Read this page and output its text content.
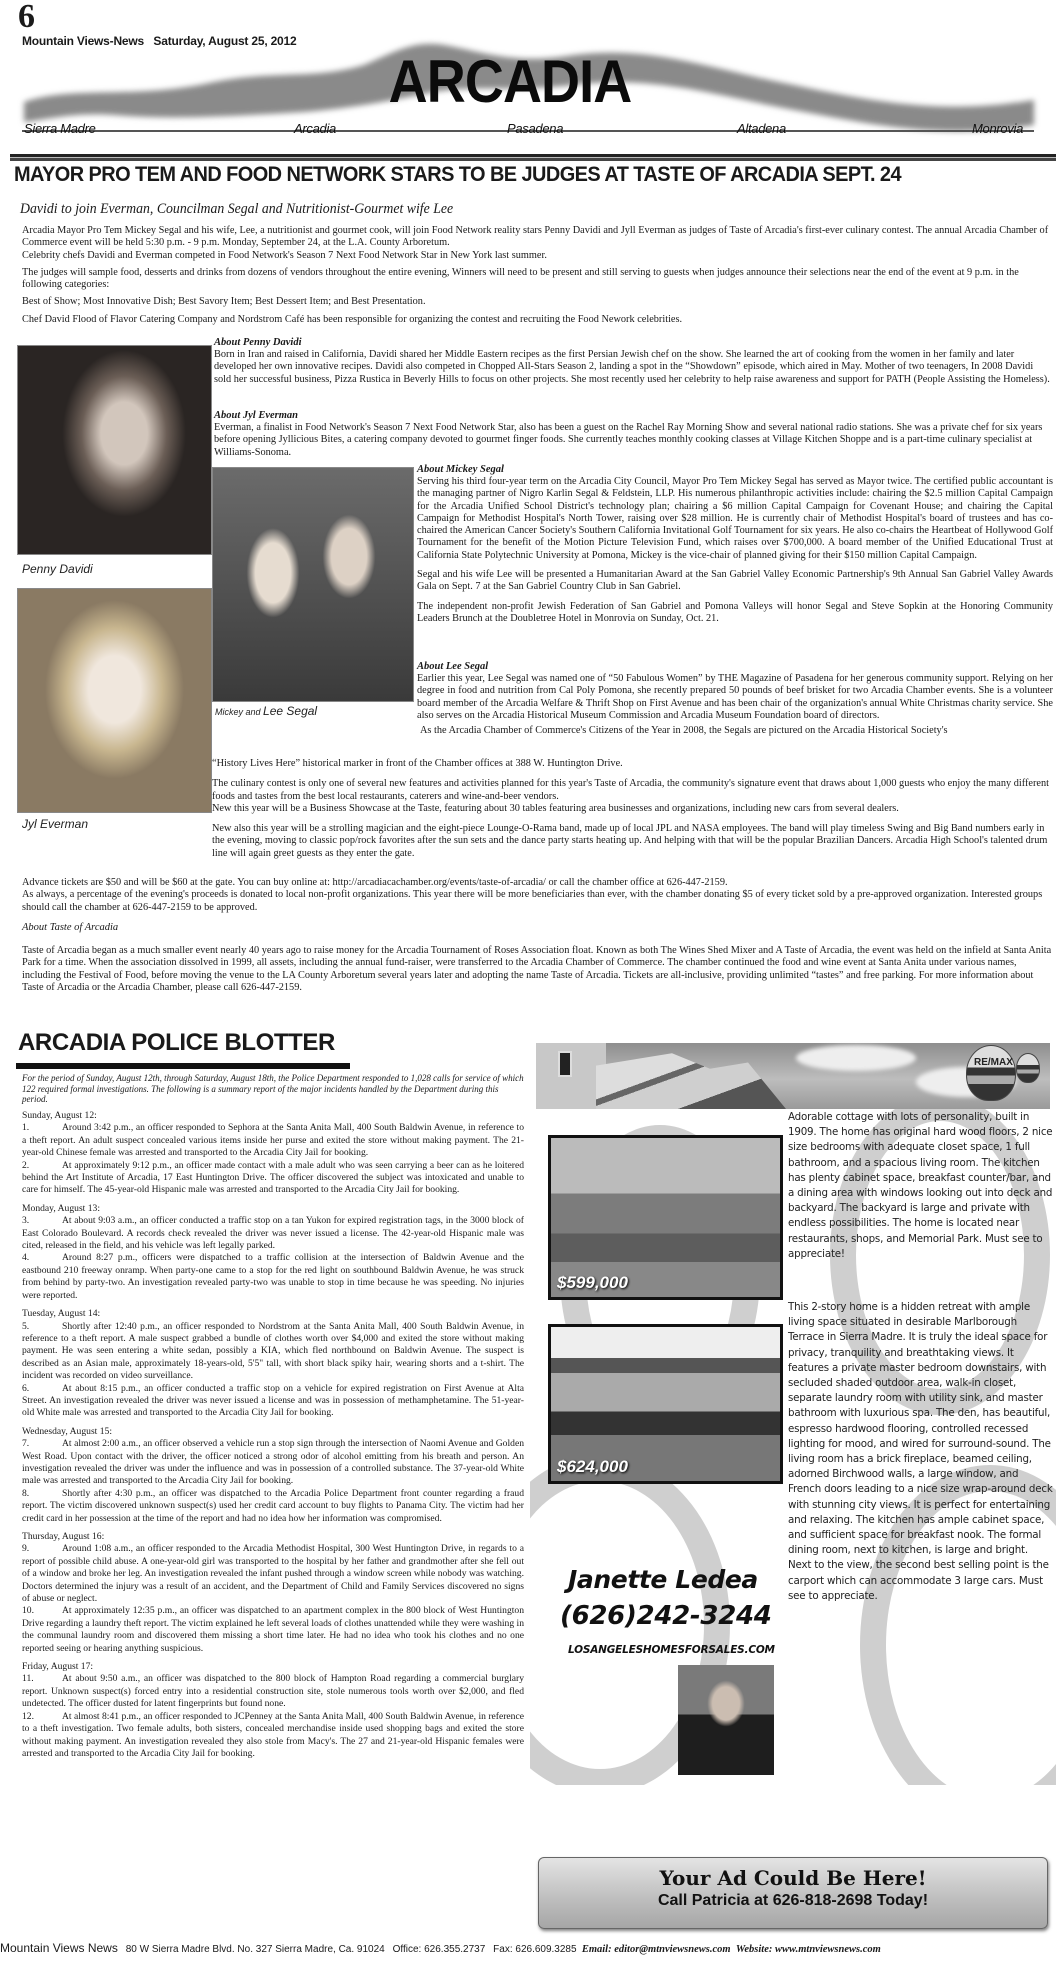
6
Mountain Views-News Saturday, August 25, 2012
ARCADIA
Sierra Madre	Arcadia	Pasadena	Altadena	Monrovia
MAYOR PRO TEM AND FOOD NETWORK STARS TO BE JUDGES AT TASTE OF ARCADIA SEPT. 24
Davidi to join Everman, Councilman Segal and Nutritionist-Gourmet wife Lee

Arcadia Mayor Pro Tem Mickey Segal and his wife, Lee, a nutritionist and gourmet cook, will join Food Network reality stars Penny Davidi and Jyll Everman as judges of Taste of Arcadia's first-ever culinary contest. The annual Arcadia Chamber of Commerce event will be held 5:30 p.m. - 9 p.m. Monday, September 24, at the L.A. County Arboretum.

Celebrity chefs Davidi and Everman competed in Food Network's Season 7 Next Food Network Star in New York last summer.

The judges will sample food, desserts and drinks from dozens of vendors throughout the entire evening, Winners will need to be present and still serving to guests when judges announce their selections near the end of the event at 9 p.m. in the following categories:

Best of Show; Most Innovative Dish; Best Savory Item; Best Dessert Item; and Best Presentation.

Chef David Flood of Flavor Catering Company and Nordstrom Café has been responsible for organizing the contest and recruiting the Food Nework celebrities.

Penny Davidi
Jyl Everman
Mickey and Lee Segal
About Penny Davidi
Born in Iran and raised in California, Davidi shared her Middle Eastern recipes as the first Persian Jewish chef on the show. She learned the art of cooking from the women in her family and later developed her own innovative recipes. Davidi also competed in Chopped All-Stars Season 2, landing a spot in the “Showdown” episode, which aired in May. Mother of two teenagers, In 2008 Davidi sold her successful business, Pizza Rustica in Beverly Hills to focus on other projects. She most recently used her celebrity to help raise awareness and support for PATH (People Assisting the Homeless).
About Jyl Everman
Everman, a finalist in Food Network's Season 7 Next Food Network Star, also has been a guest on the Rachel Ray Morning Show and several national radio stations. She was a private chef for six years before opening Jyllicious Bites, a catering company devoted to gourmet finger foods. She currently teaches monthly cooking classes at Village Kitchen Shoppe and is a part-time culinary specialist at Williams-Sonoma.
About Mickey Segal

Serving his third four-year term on the Arcadia City Council, Mayor Pro Tem Mickey Segal has served as Mayor twice. The certified public accountant is the managing partner of Nigro Karlin Segal & Feldstein, LLP. His numerous philanthropic activities include: chairing the $2.5 million Capital Campaign for the Arcadia Unified School District's technology plan; chairing a $6 million Capital Campaign for Covenant House; and chairing the Capital Campaign for Methodist Hospital's North Tower, raising over $28 million. He is currently chair of Methodist Hospital's board of trustees and has co-chaired the American Cancer Society's Southern California Invitational Golf Tournament for six years. He also co-chairs the Heartbeat of Hollywood Golf Tournament for the benefit of the Motion Picture Television Fund, which raises over $700,000. A board member of the Unified Educational Trust at California State Polytechnic University at Pomona, Mickey is the vice-chair of planned giving for their $150 million Capital Campaign.

Segal and his wife Lee will be presented a Humanitarian Award at the San Gabriel Valley Economic Partnership's 9th Annual San Gabriel Valley Awards Gala on Sept. 7 at the San Gabriel Country Club in San Gabriel.

The independent non-profit Jewish Federation of San Gabriel and Pomona Valleys will honor Segal and Steve Sopkin at the Honoring Community Leaders Brunch at the Doubletree Hotel in Monrovia on Sunday, Oct. 21.

About Lee Segal
Earlier this year, Lee Segal was named one of “50 Fabulous Women” by THE Magazine of Pasadena for her generous community support. Relying on her degree in food and nutrition from Cal Poly Pomona, she recently prepared 50 pounds of beef brisket for two Arcadia Chamber events. She is a volunteer board member of the Arcadia Welfare & Thrift Shop on First Avenue and has been chair of the organization's annual White Christmas charity service. She also serves on the Arcadia Historical Museum Commission and Arcadia Museum Foundation board of directors.
As the Arcadia Chamber of Commerce's Citizens of the Year in 2008, the Segals are pictured on the Arcadia Historical Society's

“History Lives Here” historical marker in front of the Chamber offices at 388 W. Huntington Drive.

The culinary contest is only one of several new features and activities planned for this year's Taste of Arcadia, the community's signature event that draws about 1,000 guests who enjoy the many different foods and tastes from the best local restaurants, caterers and wine-and-beer vendors.

New this year will be a Business Showcase at the Taste, featuring about 30 tables featuring area businesses and organizations, including new cars from several dealers.

New also this year will be a strolling magician and the eight-piece Lounge-O-Rama band, made up of local JPL and NASA employees. The band will play timeless Swing and Big Band numbers early in the evening, moving to classic pop/rock favorites after the sun sets and the dance party starts heating up. And helping with that will be the popular Brazilian Dancers. Arcadia High School's talented drum line will again greet guests as they enter the gate.

Advance tickets are $50 and will be $60 at the gate. You can buy online at: http://arcadiacachamber.org/events/taste-of-arcadia/ or call the chamber office at 626-447-2159.
As always, a percentage of the evening's proceeds is donated to local non-profit organizations. This year there will be more beneficiaries than ever, with the chamber donating $5 of every ticket sold by a pre-approved organization. Interested groups should call the chamber at 626-447-2159 to be approved.
About Taste of Arcadia
Taste of Arcadia began as a much smaller event nearly 40 years ago to raise money for the Arcadia Tournament of Roses Association float. Known as both The Wines Shed Mixer and A Taste of Arcadia, the event was held on the infield at Santa Anita Park for a time. When the association dissolved in 1999, all assets, including the annual fund-raiser, were transferred to the Arcadia Chamber of Commerce. The chamber continued the food and wine event at Santa Anita under various names, including the Festival of Food, before moving the venue to the LA County Arboretum several years later and adopting the name Taste of Arcadia. Tickets are all-inclusive, providing unlimited “tastes” and free parking. For more information about Taste of Arcadia or the Arcadia Chamber, please call 626-447-2159.
ARCADIA POLICE BLOTTER
For the period of Sunday, August 12th, through Saturday, August 18th, the Police Department responded to 1,028 calls for service of which 122 required formal investigations. The following is a summary report of the major incidents handled by the Department during this period.
Sunday, August 12:
1.	Around 3:42 p.m., an officer responded to Sephora at the Santa Anita Mall, 400 South Baldwin Avenue, in reference to a theft report. An adult suspect concealed various items inside her purse and exited the store without making payment. The 21-year-old Chinese female was arrested and transported to the Arcadia City Jail for booking.
2.	At approximately 9:12 p.m., an officer made contact with a male adult who was seen carrying a beer can as he loitered behind the Art Institute of Arcadia, 17 East Huntington Drive. The officer discovered the subject was intoxicated and unable to care for himself. The 45-year-old Hispanic male was arrested and transported to the Arcadia City Jail for booking.
Monday, August 13:
3.	At about 9:03 a.m., an officer conducted a traffic stop on a tan Yukon for expired registration tags, in the 3000 block of East Colorado Boulevard. A records check revealed the driver was never issued a license. The 42-year-old Hispanic male was cited, released in the field, and his vehicle was left legally parked.
4.	Around 8:27 p.m., officers were dispatched to a traffic collision at the intersection of Baldwin Avenue and the eastbound 210 freeway onramp. When party-one came to a stop for the red light on southbound Baldwin Avenue, he was struck from behind by party-two. An investigation revealed party-two was unable to stop in time because he was speeding. No injuries were reported.
Tuesday, August 14:
5.	Shortly after 12:40 p.m., an officer responded to Nordstrom at the Santa Anita Mall, 400 South Baldwin Avenue, in reference to a theft report. A male suspect grabbed a bundle of clothes worth over $4,000 and exited the store without making payment. He was seen entering a white sedan, possibly a KIA, which fled northbound on Baldwin Avenue. The suspect is described as an Asian male, approximately 18-years-old, 5'5" tall, with short black spiky hair, wearing shorts and a t-shirt. The incident was recorded on video surveillance.
6.	At about 8:15 p.m., an officer conducted a traffic stop on a vehicle for expired registration on First Avenue at Alta Street. An investigation revealed the driver was never issued a license and was in possession of methamphetamine. The 51-year-old White male was arrested and transported to the Arcadia City Jail for booking.
Wednesday, August 15:
7.	At almost 2:00 a.m., an officer observed a vehicle run a stop sign through the intersection of Naomi Avenue and Golden West Road. Upon contact with the driver, the officer noticed a strong odor of alcohol emitting from his breath and person. An investigation revealed the driver was under the influence and was in possession of a controlled substance. The 37-year-old White male was arrested and transported to the Arcadia City Jail for booking.
8.	Shortly after 4:30 p.m., an officer was dispatched to the Arcadia Police Department front counter regarding a fraud report. The victim discovered unknown suspect(s) used her credit card account to buy flights to Panama City. The victim had her credit card in her possession at the time of the report and had no idea how her information was compromised.
Thursday, August 16:
9.	Around 1:08 a.m., an officer responded to the Arcadia Methodist Hospital, 300 West Huntington Drive, in regards to a report of possible child abuse. A one-year-old girl was transported to the hospital by her father and grandmother after she fell out of a window and broke her leg. An investigation revealed the infant pushed through a window screen while nobody was watching. Doctors determined the injury was a result of an accident, and the Department of Child and Family Services discovered no signs of abuse or neglect.
10.	At approximately 12:35 p.m., an officer was dispatched to an apartment complex in the 800 block of West Huntington Drive regarding a laundry theft report. The victim explained he left several loads of clothes unattended while they were washing in the communal laundry room and discovered them missing a short time later. He had no idea who took his clothes and no one reported seeing or hearing anything suspicious.
Friday, August 17:
11.	At about 9:50 a.m., an officer was dispatched to the 800 block of Hampton Road regarding a commercial burglary report. Unknown suspect(s) forced entry into a residential construction site, stole numerous tools worth over $2,000, and fled undetected. The officer dusted for latent fingerprints but found none.
12.	At almost 8:41 p.m., an officer responded to JCPenney at the Santa Anita Mall, 400 South Baldwin Avenue, in reference to a theft investigation. Two female adults, both sisters, concealed merchandise inside used shopping bags and exited the store without making payment. An investigation revealed they also stole from Macy's. The 27 and 21-year-old Hispanic females were arrested and transported to the Arcadia City Jail for booking.
RE/MAX
$599,000
Adorable cottage with lots of personality, built in 1909. The home has original hard wood floors, 2 nice size bedrooms with adequate closet space, 1 full bathroom, and a spacious living room. The kitchen has plenty cabinet space, breakfast counter/bar, and a dining area with windows looking out into deck and backyard. The backyard is large and private with endless possibilities. The home is located near restaurants, shops, and Memorial Park. Must see to appreciate!
$624,000
This 2-story home is a hidden retreat with ample living space situated in desirable Marlborough Terrace in Sierra Madre. It is truly the ideal space for privacy, tranquility and breathtaking views. It features a private master bedroom downstairs, with secluded shaded outdoor area, walk-in closet, separate laundry room with utility sink, and master bathroom with luxurious spa. The den, has beautiful, espresso hardwood flooring, controlled recessed lighting for mood, and wired for surround-sound. The living room has a brick fireplace, beamed ceiling, adorned Birchwood walls, a large window, and French doors leading to a nice size wrap-around deck with stunning city views. It is perfect for entertaining and relaxing. The kitchen has ample cabinet space, and sufficient space for breakfast nook. The formal dining room, next to kitchen, is large and bright. Next to the view, the second best selling point is the carport which can accommodate 3 large cars. Must see to appreciate.
Janette Ledea
(626)242-3244
LOSANGELESHOMESFORSALES.COM
Your Ad Could Be Here!
Call Patricia at 626-818-2698 Today!
Mountain Views News 80 W Sierra Madre Blvd. No. 327 Sierra Madre, Ca. 91024 Office: 626.355.2737 Fax: 626.609.3285 Email: editor@mtnviewsnews.com Website: www.mtnviewsnews.com
